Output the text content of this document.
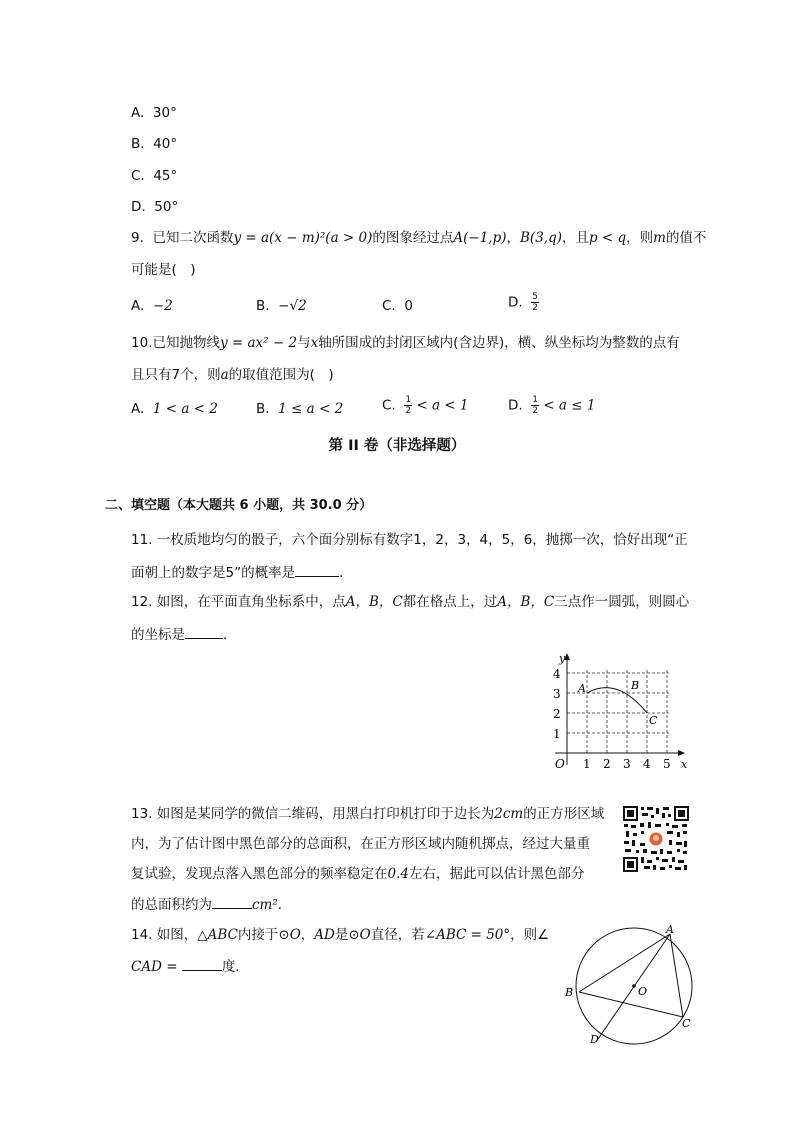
A. 30°
B. 40°
C. 45°
D. 50°
9. 已知二次函数y = a(x − m)²(a > 0)的图象经过点A(−1,p)，B(3,q)，且p < q，则m的值不
可能是(　)
A. −2	B. −√2	C. 0	D. $\frac{5}{2}$
10.已知抛物线y = ax² − 2与x轴所围成的封闭区域内(含边界)，横、纵坐标均为整数的点有
且只有7个，则a的取值范围为(　)
A. 1 < a < 2	B. 1 ≤ a < 2	C. $\frac{1}{2} < a < 1$	D. $\frac{1}{2} < a \le 1$
第 II 卷（非选择题）
二、填空题（本大题共 6 小题，共 30.0 分）
11. 一枚质地均匀的骰子，六个面分别标有数字1，2，3，4，5，6，抛掷一次，恰好出现“正
面朝上的数字是5”的概率是	．
12. 如图，在平面直角坐标系中，点A，B，C都在格点上，过A，B，C三点作一圆弧，则圆心
的坐标是	．
y
x
O 1 2 3 4 5
1
2
3
4
A	B
C
13. 如图是某同学的微信二维码，用黑白打印机打印于边长为2cm的正方形区域
内，为了估计图中黑色部分的总面积，在正方形区域内随机掷点，经过大量重
复试验，发现点落入黑色部分的频率稳定在0.4左右，据此可以估计黑色部分
的总面积约为	cm²．
14. 如图，△ABC内接于⊙O，AD是⊙O直径，若∠ABC = 50°，则∠
CAD =	度．
A
B
C
D
O
